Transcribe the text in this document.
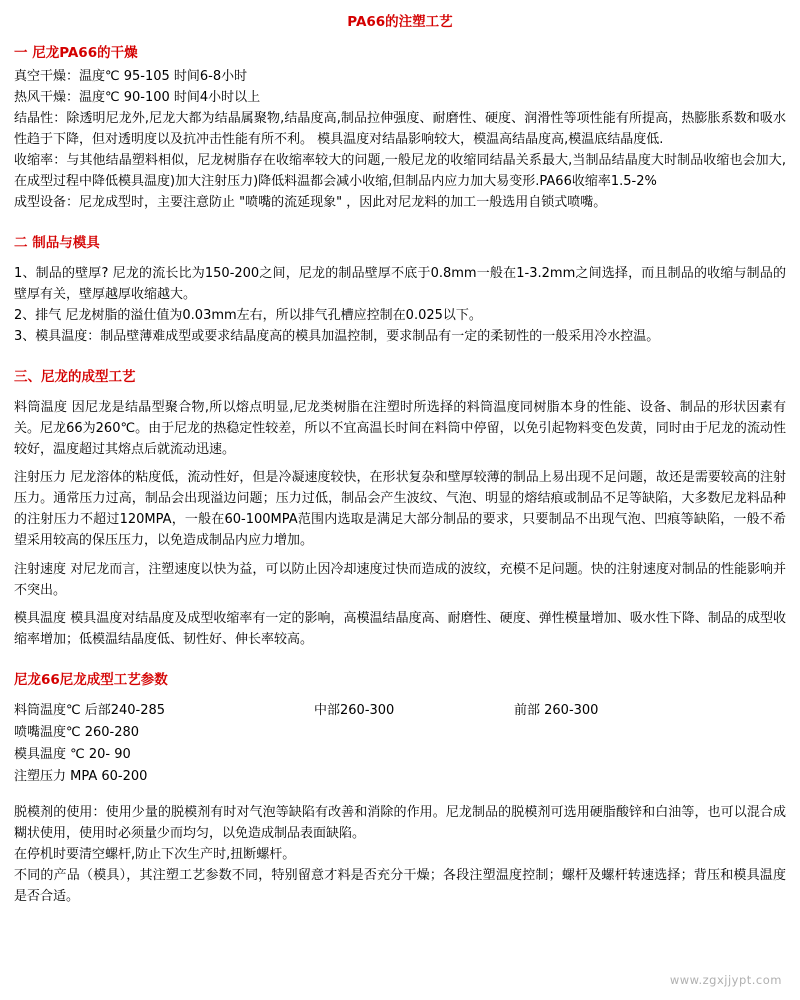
PA66的注塑工艺
一 尼龙PA66的干燥

真空干燥：温度℃ 95-105 时间6-8小时

热风干燥：温度℃ 90-100 时间4小时以上

结晶性：除透明尼龙外,尼龙大都为结晶属聚物,结晶度高,制品拉伸强度、耐磨性、硬度、润滑性等项性能有所提高，热膨胀系数和吸水性趋于下降，但对透明度以及抗冲击性能有所不利。 模具温度对结晶影响较大，模温高结晶度高,模温底结晶度低.

收缩率：与其他结晶塑料相似，尼龙树脂存在收缩率较大的问题,一般尼龙的收缩同结晶关系最大,当制品结晶度大时制品收缩也会加大,在成型过程中降低模具温度)加大注射压力)降低料温都会减小收缩,但制品内应力加大易变形.PA66收缩率1.5-2%

成型设备：尼龙成型时，主要注意防止 "喷嘴的流延现象" ，因此对尼龙料的加工一般选用自锁式喷嘴。

二 制品与模具

1、制品的壁厚? 尼龙的流长比为150-200之间，尼龙的制品壁厚不底于0.8mm一般在1-3.2mm之间选择，而且制品的收缩与制品的壁厚有关，壁厚越厚收缩越大。

2、排气 尼龙树脂的溢仕值为0.03mm左右，所以排气孔槽应控制在0.025以下。

3、模具温度：制品壁薄难成型或要求结晶度高的模具加温控制，要求制品有一定的柔韧性的一般采用冷水控温。

三、尼龙的成型工艺

料筒温度 因尼龙是结晶型聚合物,所以熔点明显,尼龙类树脂在注塑时所选择的料筒温度同树脂本身的性能、设备、制品的形状因素有关。尼龙66为260℃。由于尼龙的热稳定性较差，所以不宜高温长时间在料筒中停留，以免引起物料变色发黄，同时由于尼龙的流动性较好，温度超过其熔点后就流动迅速。

注射压力 尼龙溶体的粘度低，流动性好，但是冷凝速度较快，在形状复杂和壁厚较薄的制品上易出现不足问题，故还是需要较高的注射压力。通常压力过高，制品会出现溢边问题；压力过低，制品会产生波纹、气泡、明显的熔结痕或制品不足等缺陷，大多数尼龙料品种的注射压力不超过120MPA，一般在60-100MPA范围内选取是满足大部分制品的要求，只要制品不出现气泡、凹痕等缺陷，一般不希望采用较高的保压压力，以免造成制品内应力增加。

注射速度 对尼龙而言，注塑速度以快为益，可以防止因冷却速度过快而造成的波纹，充模不足问题。快的注射速度对制品的性能影响并不突出。

模具温度 模具温度对结晶度及成型收缩率有一定的影响，高模温结晶度高、耐磨性、硬度、弹性模量增加、吸水性下降、制品的成型收缩率增加；低模温结晶度低、韧性好、伸长率较高。

尼龙66尼龙成型工艺参数
料筒温度℃ 后部240-285	中部260-300	前部 260-300
喷嘴温度℃ 260-280
模具温度 ℃ 20- 90
注塑压力 MPA 60-200

脱模剂的使用：使用少量的脱模剂有时对气泡等缺陷有改善和消除的作用。尼龙制品的脱模剂可选用硬脂酸锌和白油等，也可以混合成糊状使用，使用时必须量少而均匀，以免造成制品表面缺陷。

在停机时要清空螺杆,防止下次生产时,扭断螺杆。

不同的产品（模具），其注塑工艺参数不同，特别留意才料是否充分干燥；各段注塑温度控制；螺杆及螺杆转速选择；背压和模具温度是否合适。

www.zgxjjypt.com
